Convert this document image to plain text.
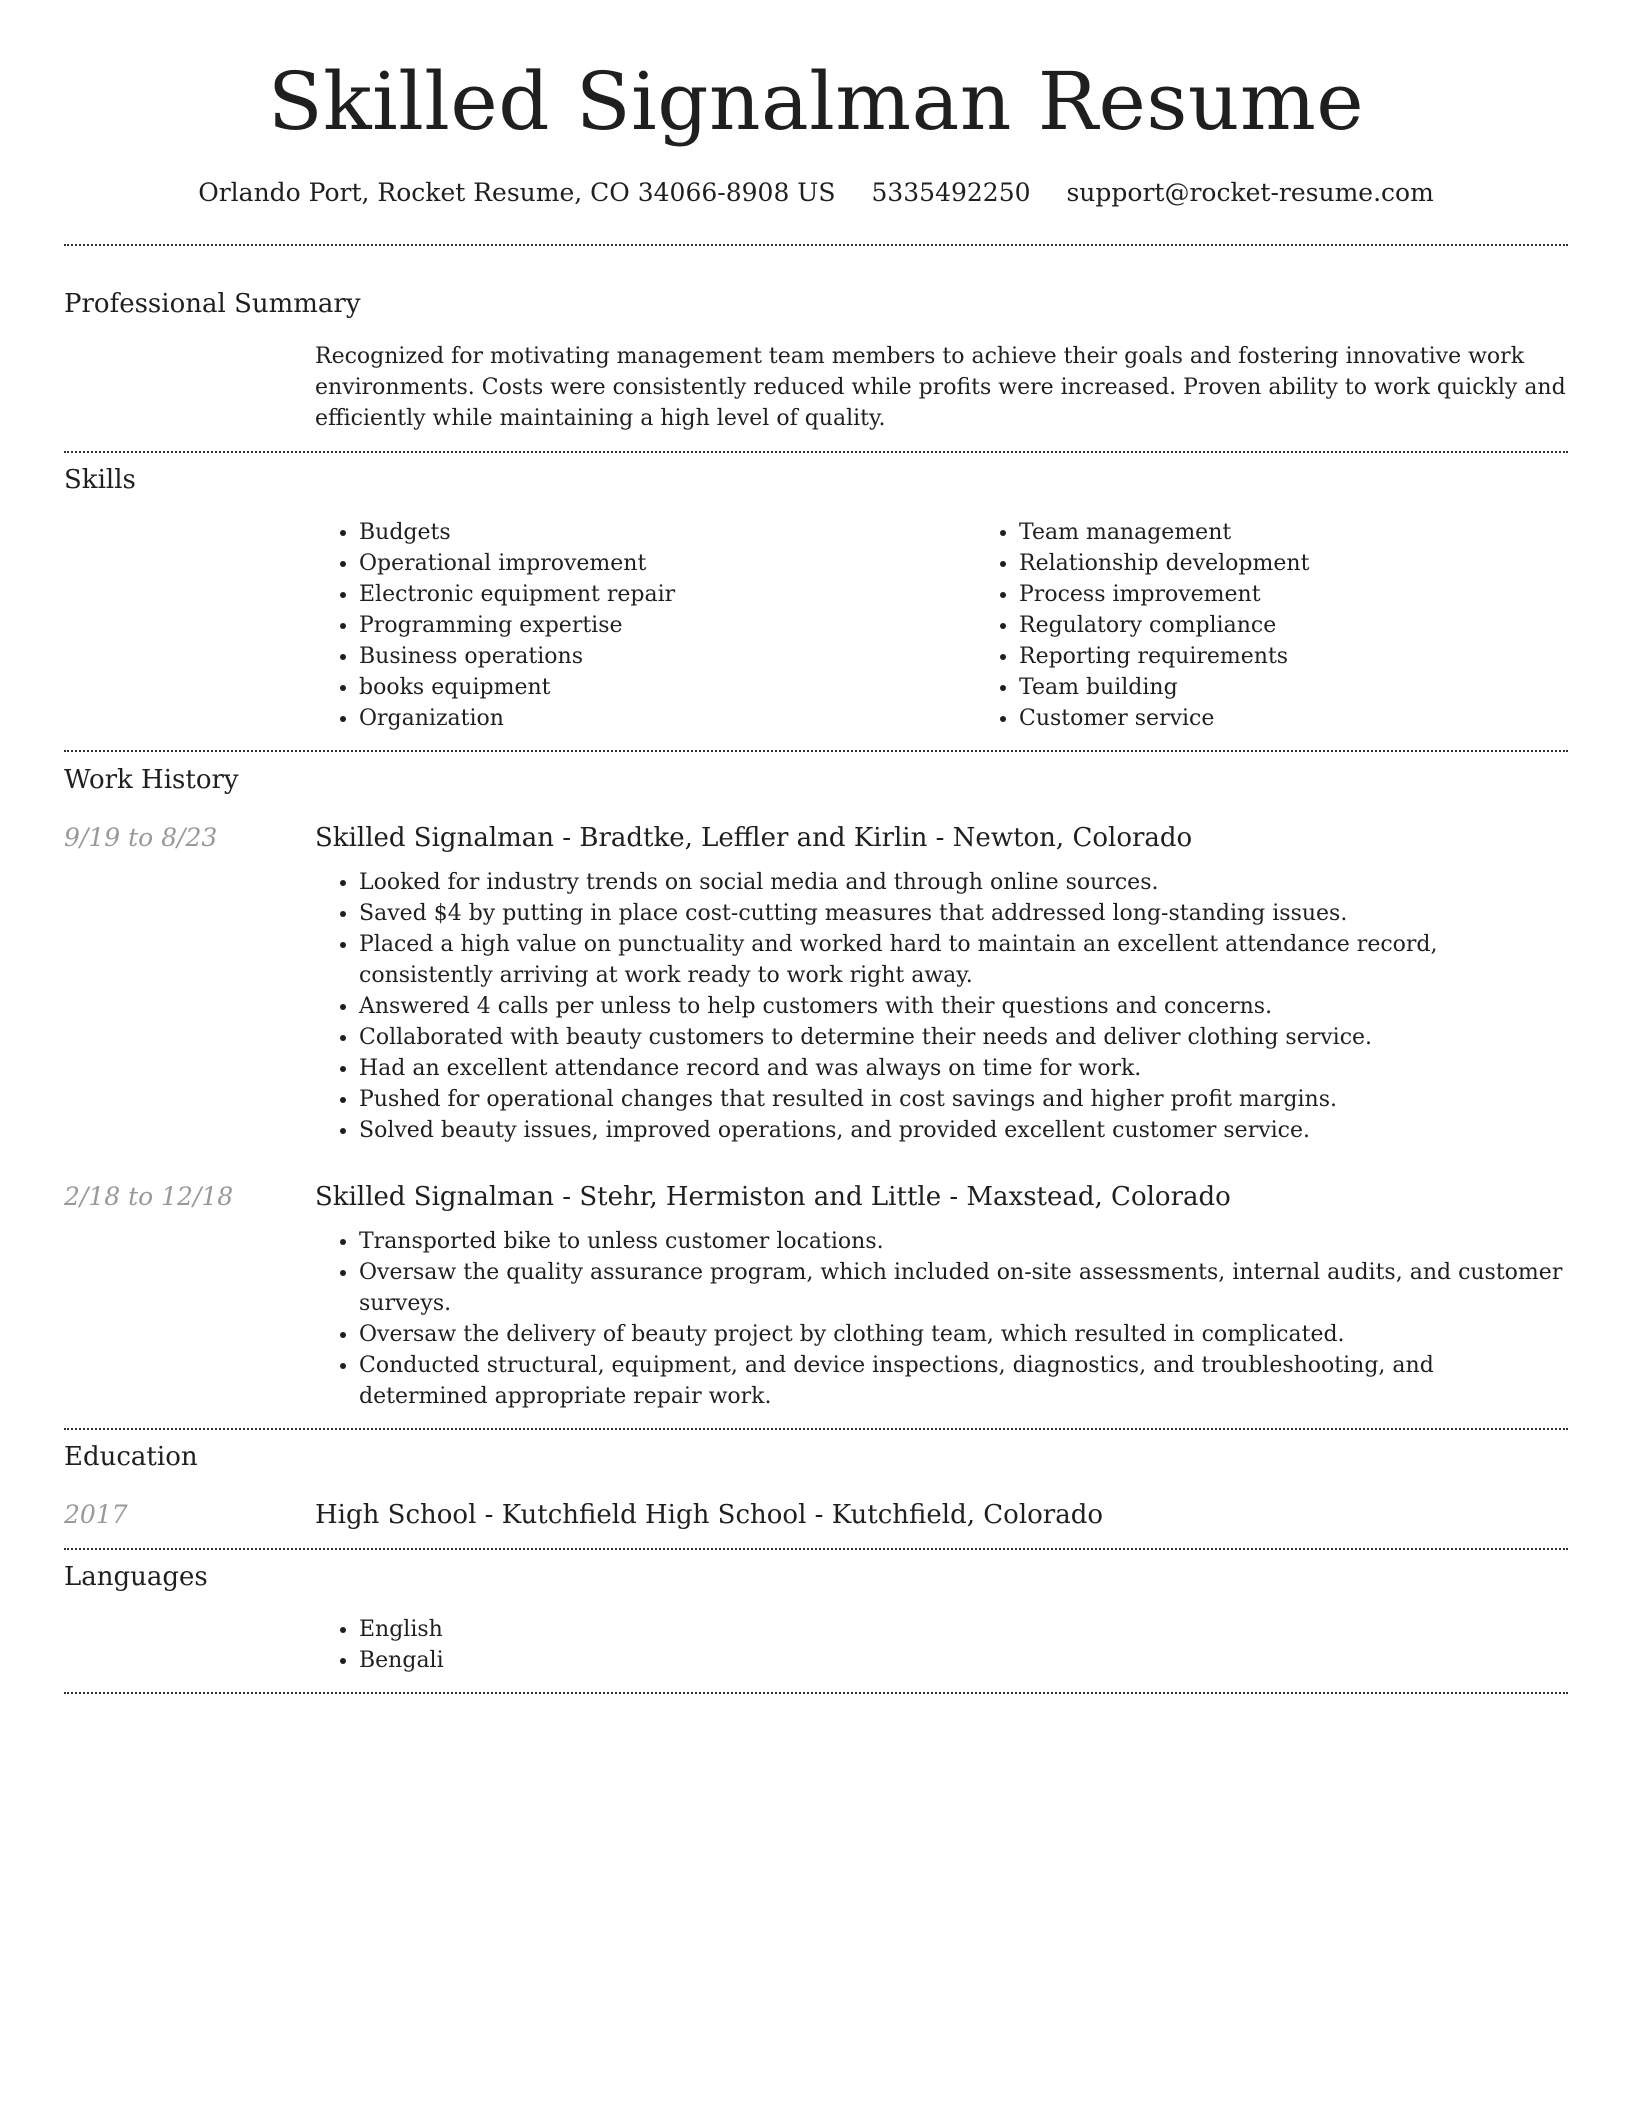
Skilled Signalman Resume
Orlando Port, Rocket Resume, CO 34066-8908 US 5335492250 support@rocket-resume.com
Professional Summary

Recognized for motivating management team members to achieve their goals and fostering innovative work environments. Costs were consistently reduced while profits were increased. Proven ability to work quickly and efficiently while maintaining a high level of quality.

Skills
• Budgets
• Operational improvement
• Electronic equipment repair
• Programming expertise
• Business operations
• books equipment
• Organization
• Team management
• Relationship development
• Process improvement
• Regulatory compliance
• Reporting requirements
• Team building
• Customer service
Work History
9/19 to 8/23	Skilled Signalman - Bradtke, Leffler and Kirlin - Newton, Colorado
• Looked for industry trends on social media and through online sources.
• Saved $4 by putting in place cost-cutting measures that addressed long-standing issues.
• Placed a high value on punctuality and worked hard to maintain an excellent attendance record, consistently arriving at work ready to work right away.
• Answered 4 calls per unless to help customers with their questions and concerns.
• Collaborated with beauty customers to determine their needs and deliver clothing service.
• Had an excellent attendance record and was always on time for work.
• Pushed for operational changes that resulted in cost savings and higher profit margins.
• Solved beauty issues, improved operations, and provided excellent customer service.
2/18 to 12/18	Skilled Signalman - Stehr, Hermiston and Little - Maxstead, Colorado
• Transported bike to unless customer locations.
• Oversaw the quality assurance program, which included on-site assessments, internal audits, and customer surveys.
• Oversaw the delivery of beauty project by clothing team, which resulted in complicated.
• Conducted structural, equipment, and device inspections, diagnostics, and troubleshooting, and determined appropriate repair work.
Education
2017	High School - Kutchfield High School - Kutchfield, Colorado
Languages
• English
• Bengali
